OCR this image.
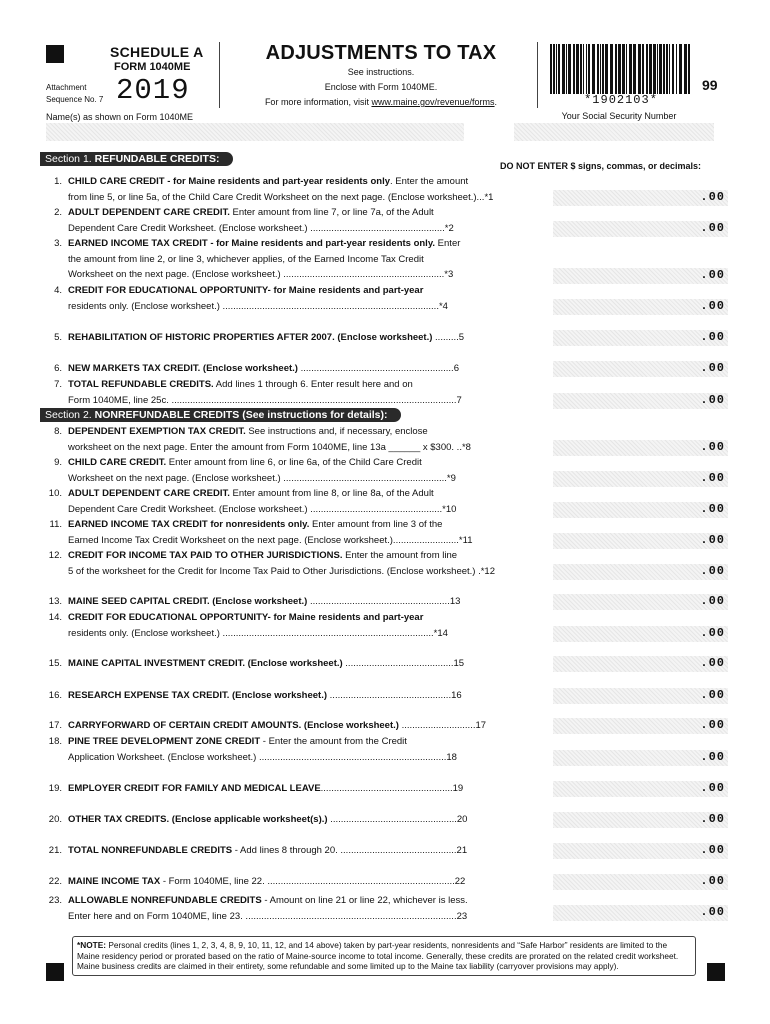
SCHEDULE A
FORM 1040ME
Attachment
Sequence No. 7 2019
ADJUSTMENTS TO TAX
See instructions.
Enclose with Form 1040ME.
For more information, visit www.maine.gov/revenue/forms.	*1902103*
99
Name(s) as shown on Form 1040ME	Your Social Security Number
Section 1. REFUNDABLE CREDITS:
DO NOT ENTER $ signs, commas, or decimals:
Section 2. NONREFUNDABLE CREDITS (See instructions for details):
1. CHILD CARE CREDIT - for Maine residents and part-year residents only. Enter the amount
from line 5, or line 5a, of the Child Care Credit Worksheet on the next page. (Enclose worksheet.)...*1	.00
2. ADULT DEPENDENT CARE CREDIT. Enter amount from line 7, or line 7a, of the Adult
Dependent Care Credit Worksheet. (Enclose worksheet.) ...................................................*2	.00
3. EARNED INCOME TAX CREDIT - for Maine residents and part-year residents only. Enter
the amount from line 2, or line 3, whichever applies, of the Earned Income Tax Credit
Worksheet on the next page. (Enclose worksheet.) .............................................................*3	.00
4. CREDIT FOR EDUCATIONAL OPPORTUNITY- for Maine residents and part-year
residents only. (Enclose worksheet.) ..................................................................................*4	.00
5. REHABILITATION OF HISTORIC PROPERTIES AFTER 2007. (Enclose worksheet.) .........5	.00
6. NEW MARKETS TAX CREDIT. (Enclose worksheet.) ..........................................................6	.00
7. TOTAL REFUNDABLE CREDITS. Add lines 1 through 6. Enter result here and on
Form 1040ME, line 25c. ............................................................................................................7	.00
8. DEPENDENT EXEMPTION TAX CREDIT. See instructions and, if necessary, enclose
worksheet on the next page. Enter the amount from Form 1040ME, line 13a ______ x $300. ..*8	.00
9. CHILD CARE CREDIT. Enter amount from line 6, or line 6a, of the Child Care Credit
Worksheet on the next page. (Enclose worksheet.) ..............................................................*9	.00
10. ADULT DEPENDENT CARE CREDIT. Enter amount from line 8, or line 8a, of the Adult
Dependent Care Credit Worksheet. (Enclose worksheet.) ..................................................*10	.00
11. EARNED INCOME TAX CREDIT for nonresidents only. Enter amount from line 3 of the
Earned Income Tax Credit Worksheet on the next page. (Enclose worksheet.).........................*11	.00
12. CREDIT FOR INCOME TAX PAID TO OTHER JURISDICTIONS. Enter the amount from line
5 of the worksheet for the Credit for Income Tax Paid to Other Jurisdictions. (Enclose worksheet.) .*12	.00
13. MAINE SEED CAPITAL CREDIT. (Enclose worksheet.) .....................................................13	.00
14. CREDIT FOR EDUCATIONAL OPPORTUNITY- for Maine residents and part-year
residents only. (Enclose worksheet.) ................................................................................*14	.00
15. MAINE CAPITAL INVESTMENT CREDIT. (Enclose worksheet.) .........................................15	.00
16. RESEARCH EXPENSE TAX CREDIT. (Enclose worksheet.) ..............................................16	.00
17. CARRYFORWARD OF CERTAIN CREDIT AMOUNTS. (Enclose worksheet.) ............................17	.00
18. PINE TREE DEVELOPMENT ZONE CREDIT - Enter the amount from the Credit
Application Worksheet. (Enclose worksheet.) .......................................................................18	.00
19. EMPLOYER CREDIT FOR FAMILY AND MEDICAL LEAVE..................................................19	.00
20. OTHER TAX CREDITS. (Enclose applicable worksheet(s).) ................................................20	.00
21. TOTAL NONREFUNDABLE CREDITS - Add lines 8 through 20. ............................................21	.00
22. MAINE INCOME TAX - Form 1040ME, line 22. .......................................................................22	.00
23. ALLOWABLE NONREFUNDABLE CREDITS - Amount on line 21 or line 22, whichever is less.
Enter here and on Form 1040ME, line 23. ................................................................................23	.00
*NOTE: Personal credits (lines 1, 2, 3, 4, 8, 9, 10, 11, 12, and 14 above) taken by part-year residents, nonresidents and “Safe Harbor” residents are limited to the Maine residency period or prorated based on the ratio of Maine-source income to total income. Generally, these credits are prorated on the related credit worksheet. Maine business credits are claimed in their entirety, some refundable and some limited up to the Maine tax liability (carryover provisions may apply).
